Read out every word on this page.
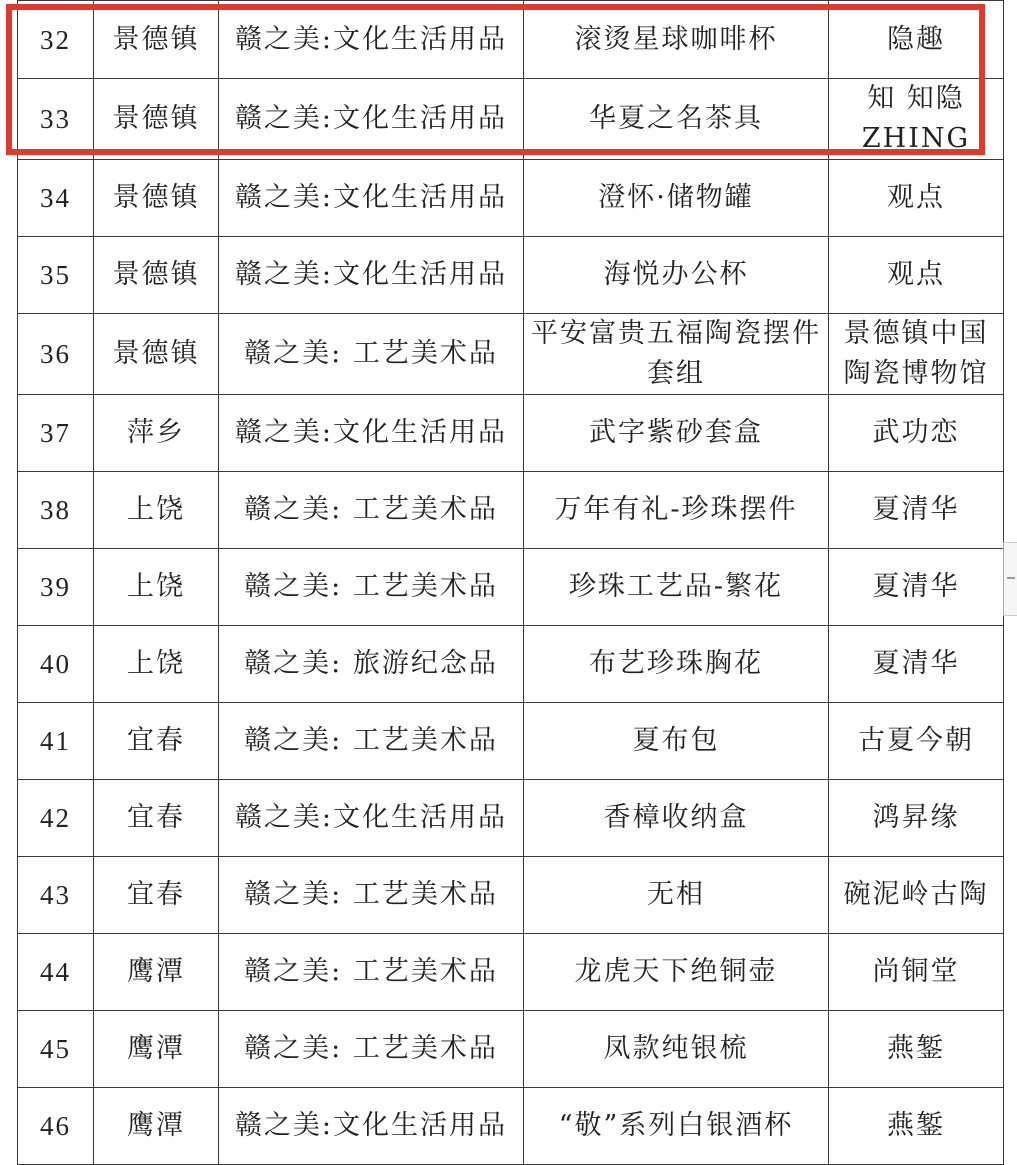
32	景德镇	赣之美:文化生活用品	滚烫星球咖啡杯	隐趣
33	景德镇	赣之美:文化生活用品	华夏之名茶具	知 知隐 ZHING
34	景德镇	赣之美:文化生活用品	澄怀·储物罐	观点
35	景德镇	赣之美:文化生活用品	海悦办公杯	观点
36	景德镇	赣之美: 工艺美术品	平安富贵五福陶瓷摆件套组	景德镇中国陶瓷博物馆
37	萍乡	赣之美:文化生活用品	武字紫砂套盒	武功恋
38	上饶	赣之美: 工艺美术品	万年有礼-珍珠摆件	夏清华
39	上饶	赣之美: 工艺美术品	珍珠工艺品-繁花	夏清华
40	上饶	赣之美: 旅游纪念品	布艺珍珠胸花	夏清华
41	宜春	赣之美: 工艺美术品	夏布包	古夏今朝
42	宜春	赣之美:文化生活用品	香樟收纳盒	鸿昇缘
43	宜春	赣之美: 工艺美术品	无相	碗泥岭古陶
44	鹰潭	赣之美: 工艺美术品	龙虎天下绝铜壶	尚铜堂
45	鹰潭	赣之美: 工艺美术品	凤款纯银梳	燕錾
46	鹰潭	赣之美:文化生活用品	“敬”系列白银酒杯	燕錾
